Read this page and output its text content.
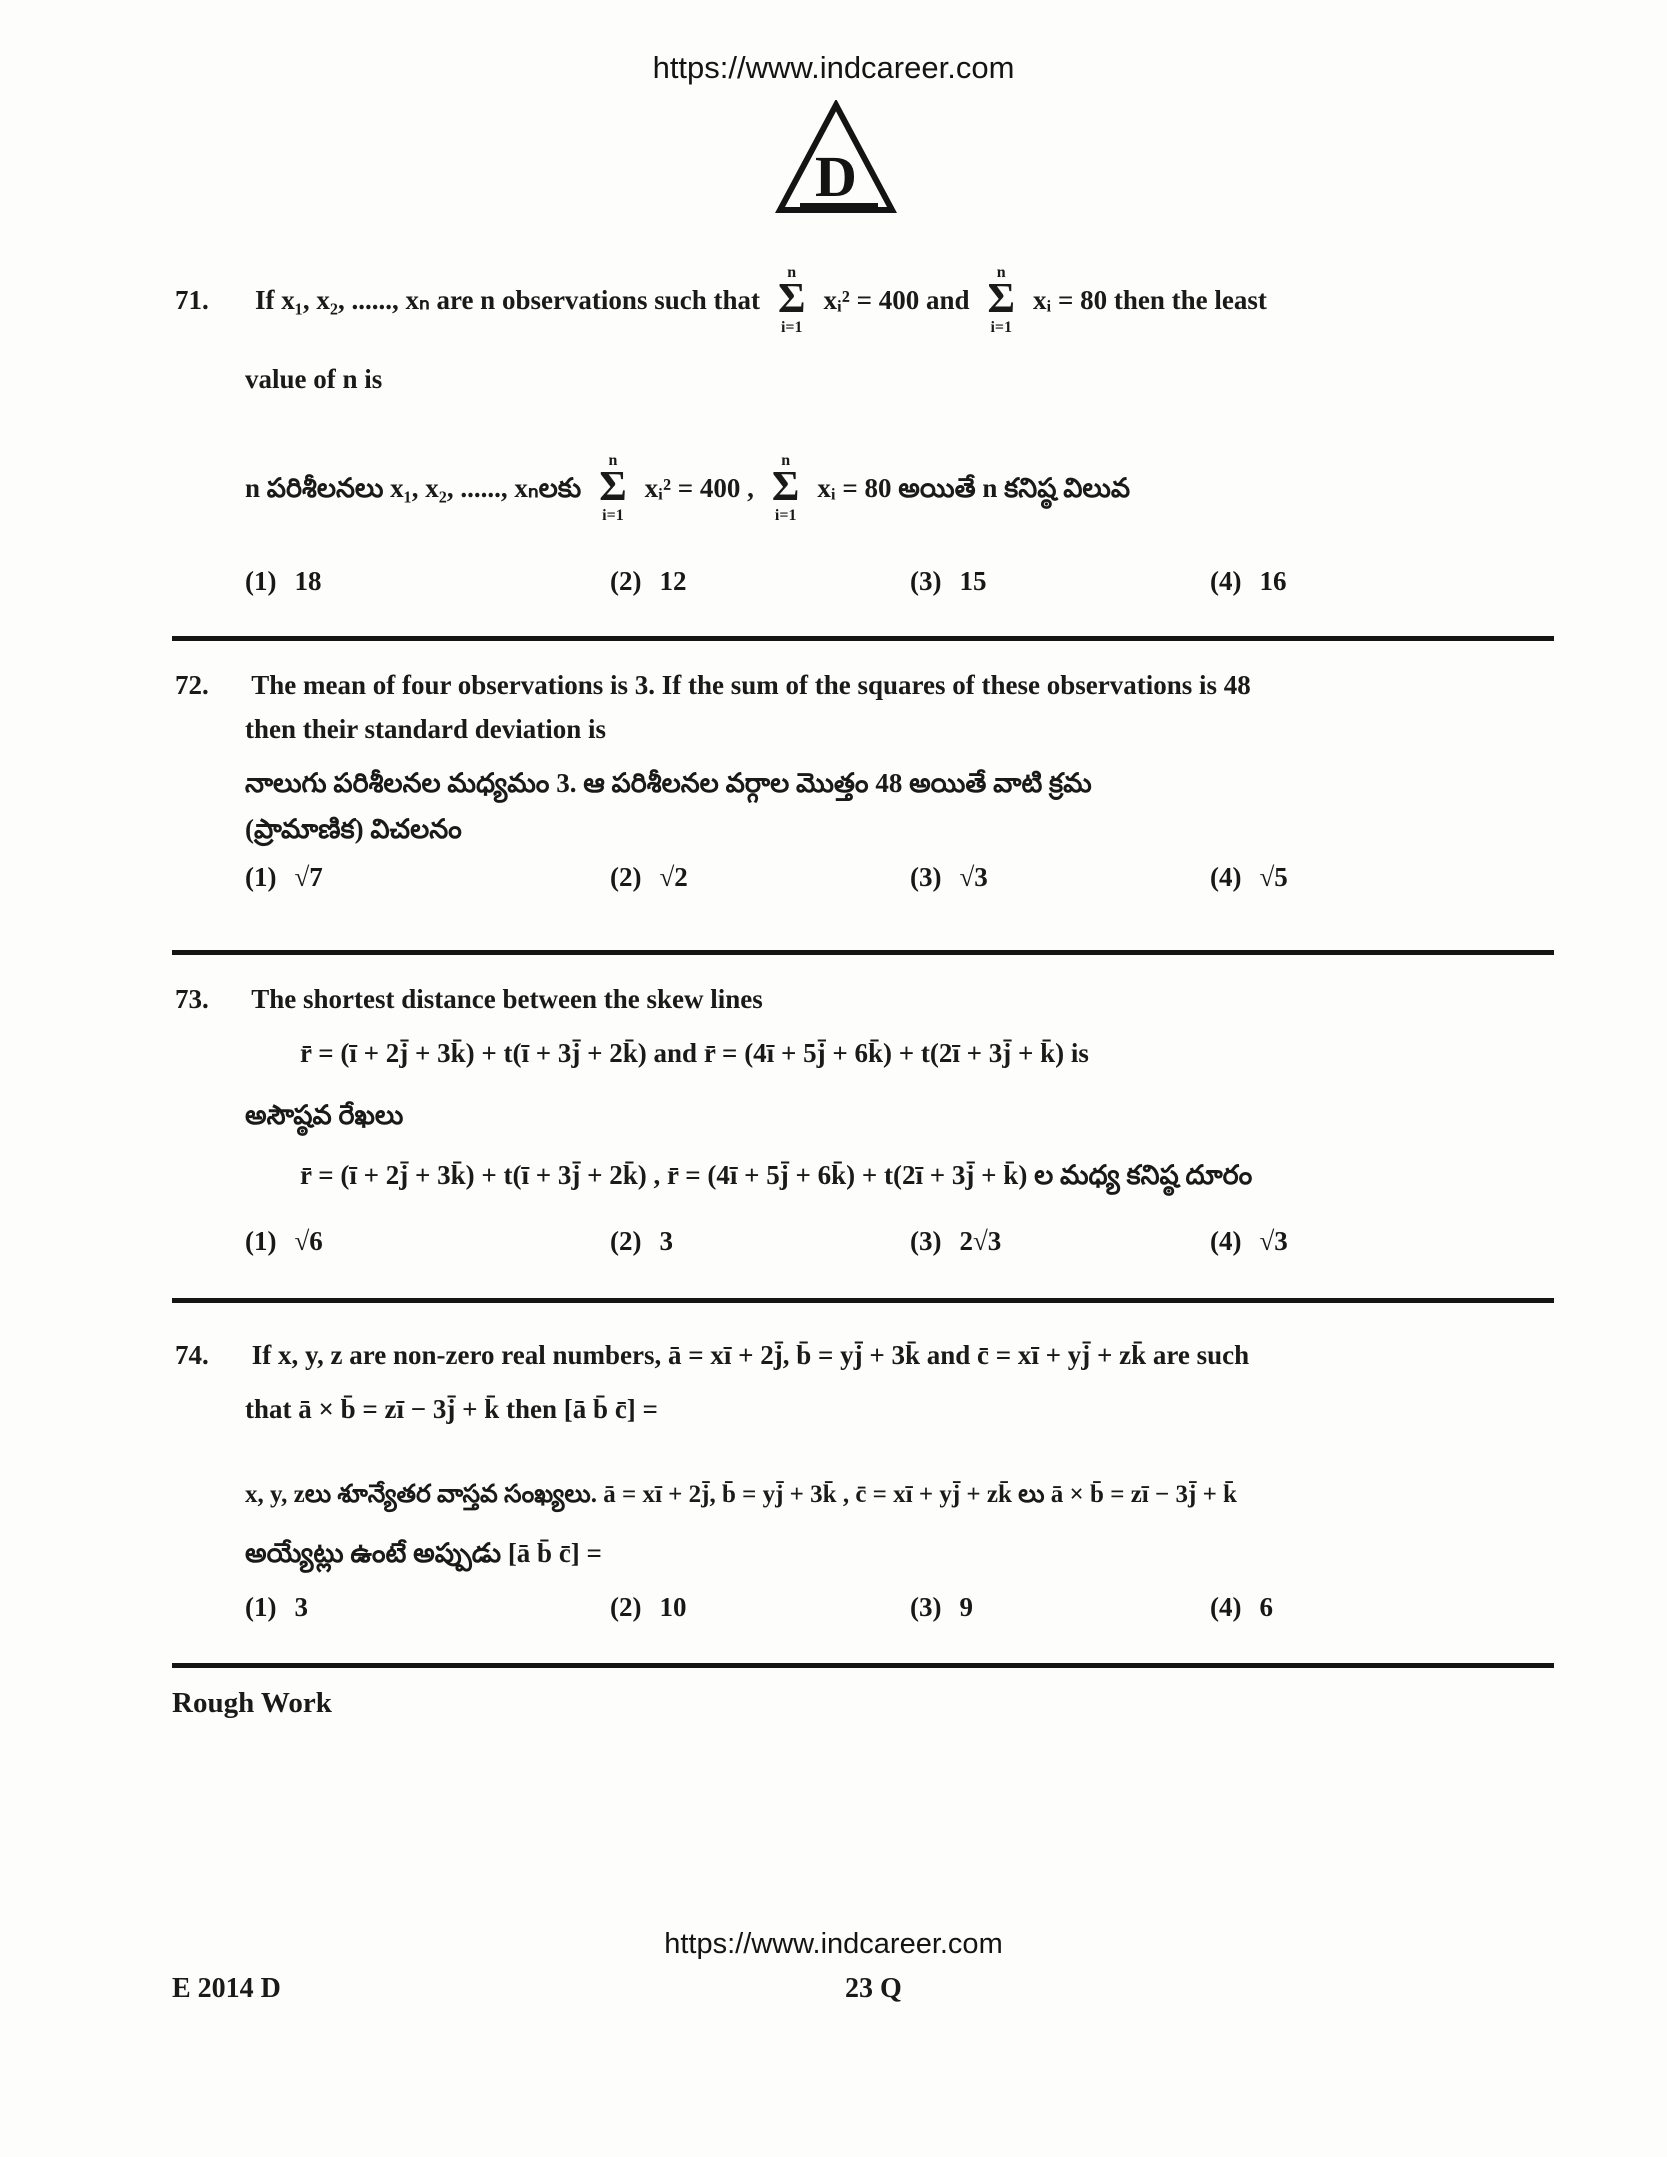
https://www.indcareer.com
D
71.	If x₁, x₂, ......, xₙ are n observations such that
n
Σ
i=1
xᵢ² = 400 and
n
Σ
i=1
xᵢ = 80 then the least
value of n is
n పరిశీలనలు x₁, x₂, ......, xₙలకు
n
Σ
i=1
xᵢ² = 400 ,
n
Σ
i=1
xᵢ = 80 అయితే n కనిష్ఠ విలువ
(1) 18	(2) 12	(3) 15	(4) 16
72. The mean of four observations is 3. If the sum of the squares of these observations is 48
then their standard deviation is
నాలుగు పరిశీలనల మధ్యమం 3. ఆ పరిశీలనల వర్గాల మొత్తం 48 అయితే వాటి క్రమ
(ప్రామాణిక) విచలనం
(1) √7	(2) √2	(3) √3	(4) √5
73. The shortest distance between the skew lines
r̄ = (ī + 2j̄ + 3k̄) + t(ī + 3j̄ + 2k̄) and r̄ = (4ī + 5j̄ + 6k̄) + t(2ī + 3j̄ + k̄) is
అసౌష్ఠవ రేఖలు
r̄ = (ī + 2j̄ + 3k̄) + t(ī + 3j̄ + 2k̄) , r̄ = (4ī + 5j̄ + 6k̄) + t(2ī + 3j̄ + k̄) ల మధ్య కనిష్ఠ దూరం
(1) √6	(2) 3	(3) 2√3	(4) √3
74. If x, y, z are non-zero real numbers, ā = xī + 2j̄, b̄ = yj̄ + 3k̄ and c̄ = xī + yj̄ + zk̄ are such
that ā × b̄ = zī − 3j̄ + k̄ then [ā b̄ c̄] =
x, y, zలు శూన్యేతర వాస్తవ సంఖ్యలు. ā = xī + 2j̄, b̄ = yj̄ + 3k̄ , c̄ = xī + yj̄ + zk̄ లు ā × b̄ = zī − 3j̄ + k̄
అయ్యేట్లు ఉంటే అప్పుడు [ā b̄ c̄] =
(1) 3	(2) 10	(3) 9	(4) 6
Rough Work
https://www.indcareer.com
E 2014 D	23 Q
